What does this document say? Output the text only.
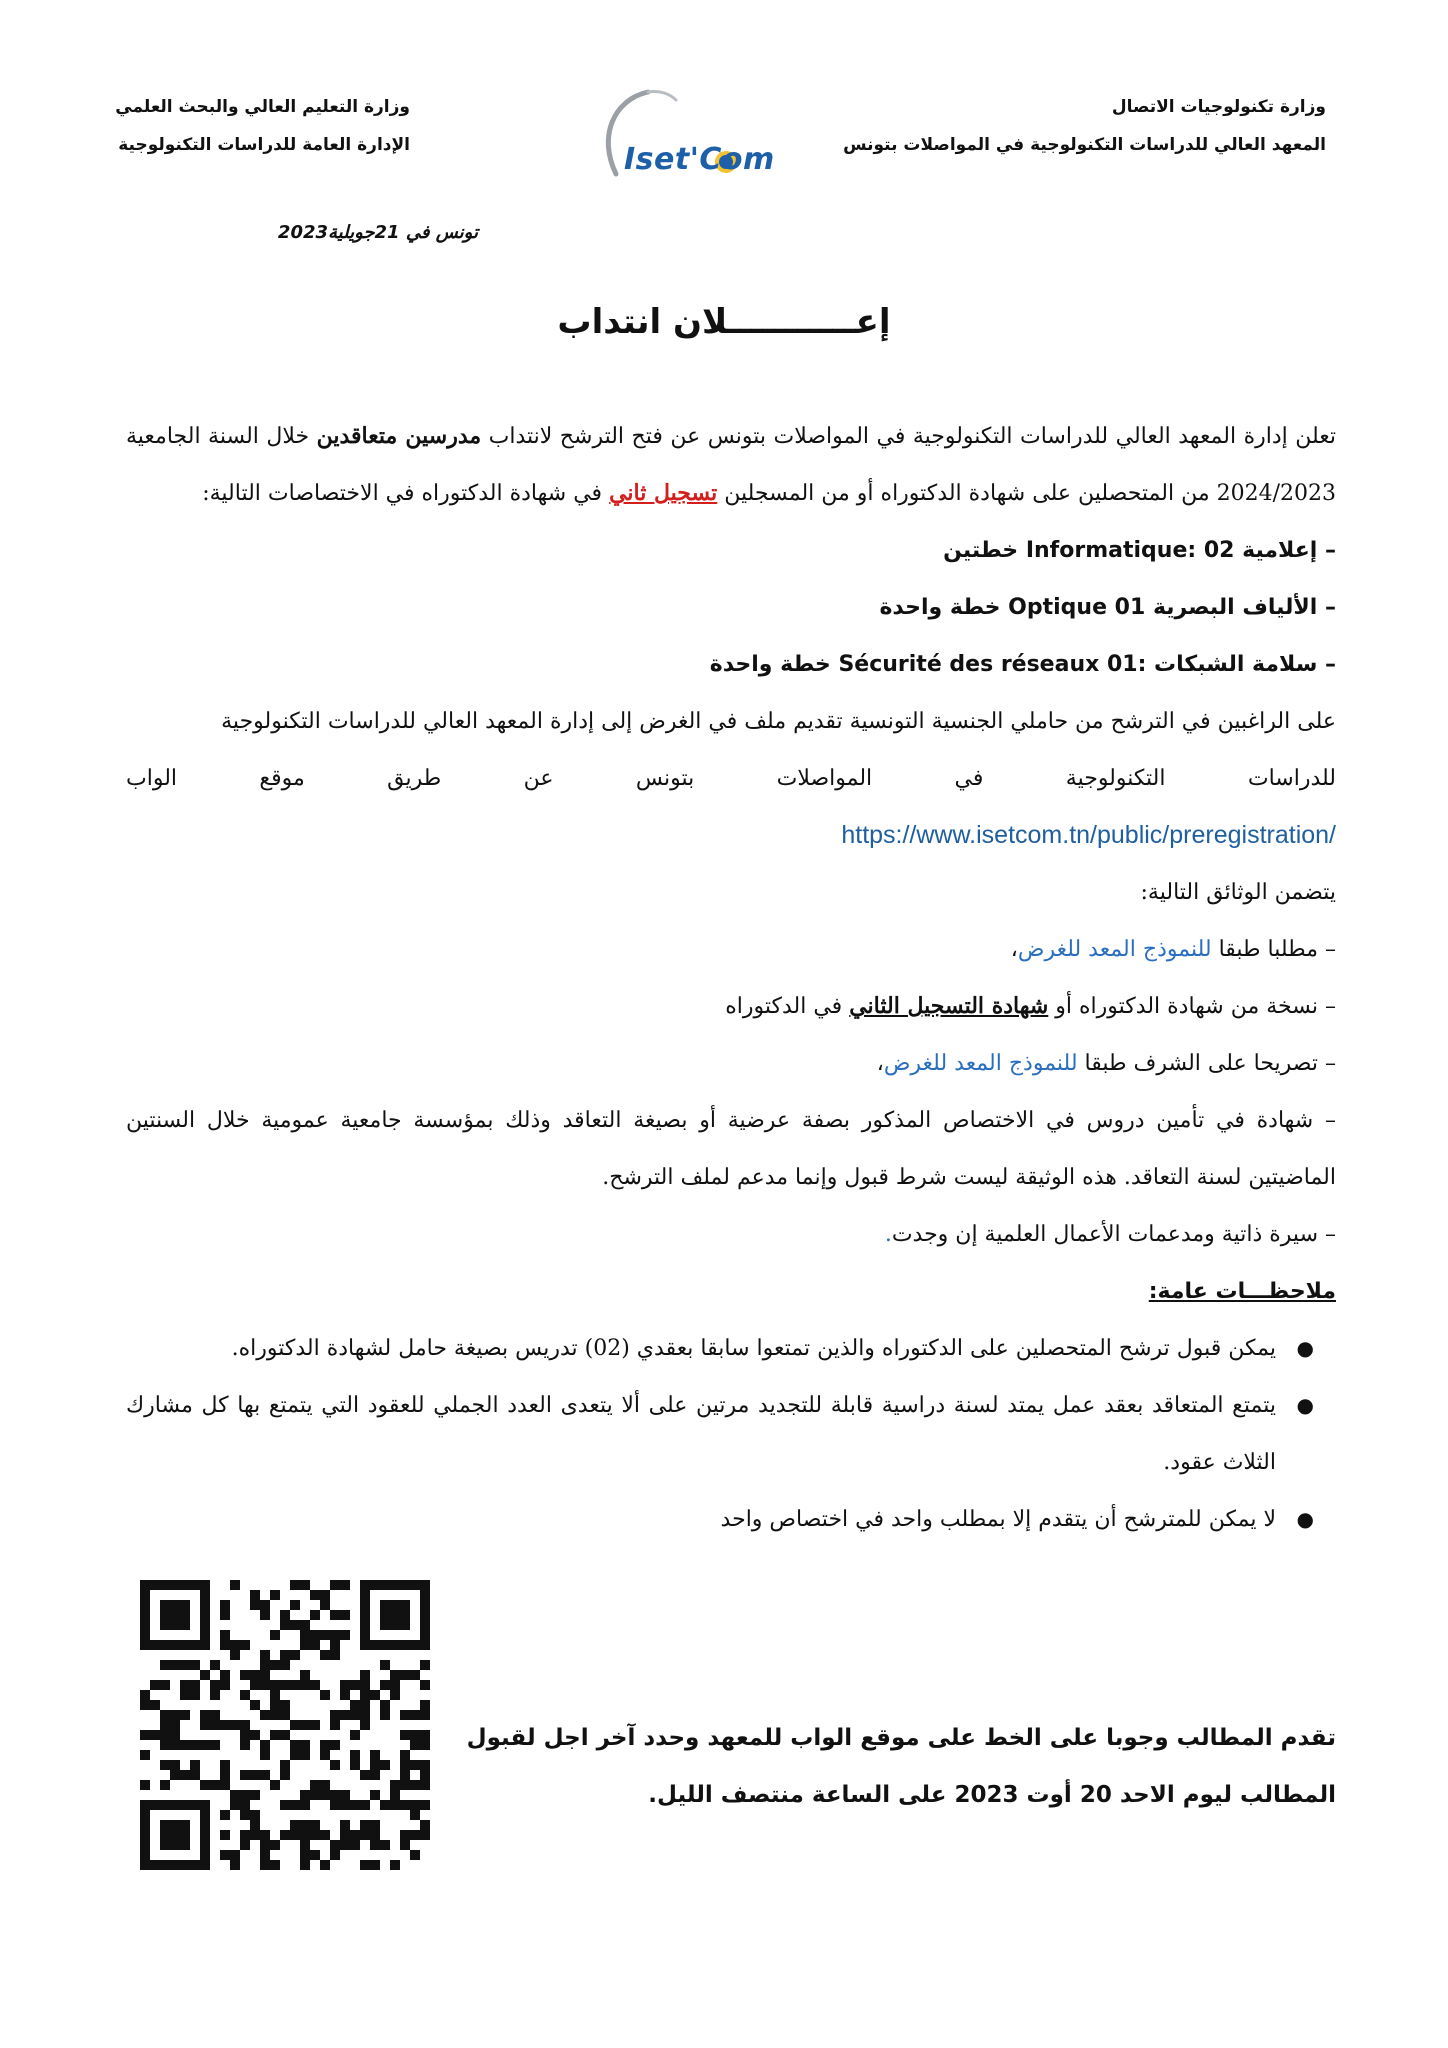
وزارة تكنولوجيات الاتصال
المعهد العالي للدراسات التكنولوجية في المواصلات بتونس
Iset'Com
وزارة التعليم العالي والبحث العلمي
الإدارة العامة للدراسات التكنولوجية
تونس في 21جويلية2023
إعـــــــــــلان انتداب

تعلن إدارة المعهد العالي للدراسات التكنولوجية في المواصلات بتونس عن فتح الترشح لانتداب مدرسين متعاقدين خلال السنة الجامعية 2024/2023 من المتحصلين على شهادة الدكتوراه أو من المسجلين تسجيل ثاني في شهادة الدكتوراه في الاختصاصات التالية:

– إعلامية Informatique: 02 خطتين

– الألياف البصرية Optique 01 خطة واحدة

– سلامة الشبكات :Sécurité des réseaux 01 خطة واحدة

على الراغبين في الترشح من حاملي الجنسية التونسية تقديم ملف في الغرض إلى إدارة المعهد العالي للدراسات التكنولوجية

للدراسات التكنولوجية في المواصلات بتونس عن طريق موقع الواب

https://www.isetcom.tn/public/preregistration/

يتضمن الوثائق التالية:

– مطلبا طبقا للنموذج المعد للغرض،

– نسخة من شهادة الدكتوراه أو شهادة التسجيل الثاني في الدكتوراه

– تصريحا على الشرف طبقا للنموذج المعد للغرض،

– شهادة في تأمين دروس في الاختصاص المذكور بصفة عرضية أو بصيغة التعاقد وذلك بمؤسسة جامعية عمومية خلال السنتين الماضيتين لسنة التعاقد. هذه الوثيقة ليست شرط قبول وإنما مدعم لملف الترشح.

– سيرة ذاتية ومدعمات الأعمال العلمية إن وجدت.

ملاحظـــات عامة:

●
يمكن قبول ترشح المتحصلين على الدكتوراه والذين تمتعوا سابقا بعقدي (02) تدريس بصيغة حامل لشهادة الدكتوراه.

●
يتمتع المتعاقد بعقد عمل يمتد لسنة دراسية قابلة للتجديد مرتين على ألا يتعدى العدد الجملي للعقود التي يتمتع بها كل مشارك الثلاث عقود.

●
لا يمكن للمترشح أن يتقدم إلا بمطلب واحد في اختصاص واحد

تقدم المطالب وجوبا على الخط على موقع الواب للمعهد وحدد آخر اجل لقبول المطالب ليوم الاحد 20 أوت 2023 على الساعة منتصف الليل.
